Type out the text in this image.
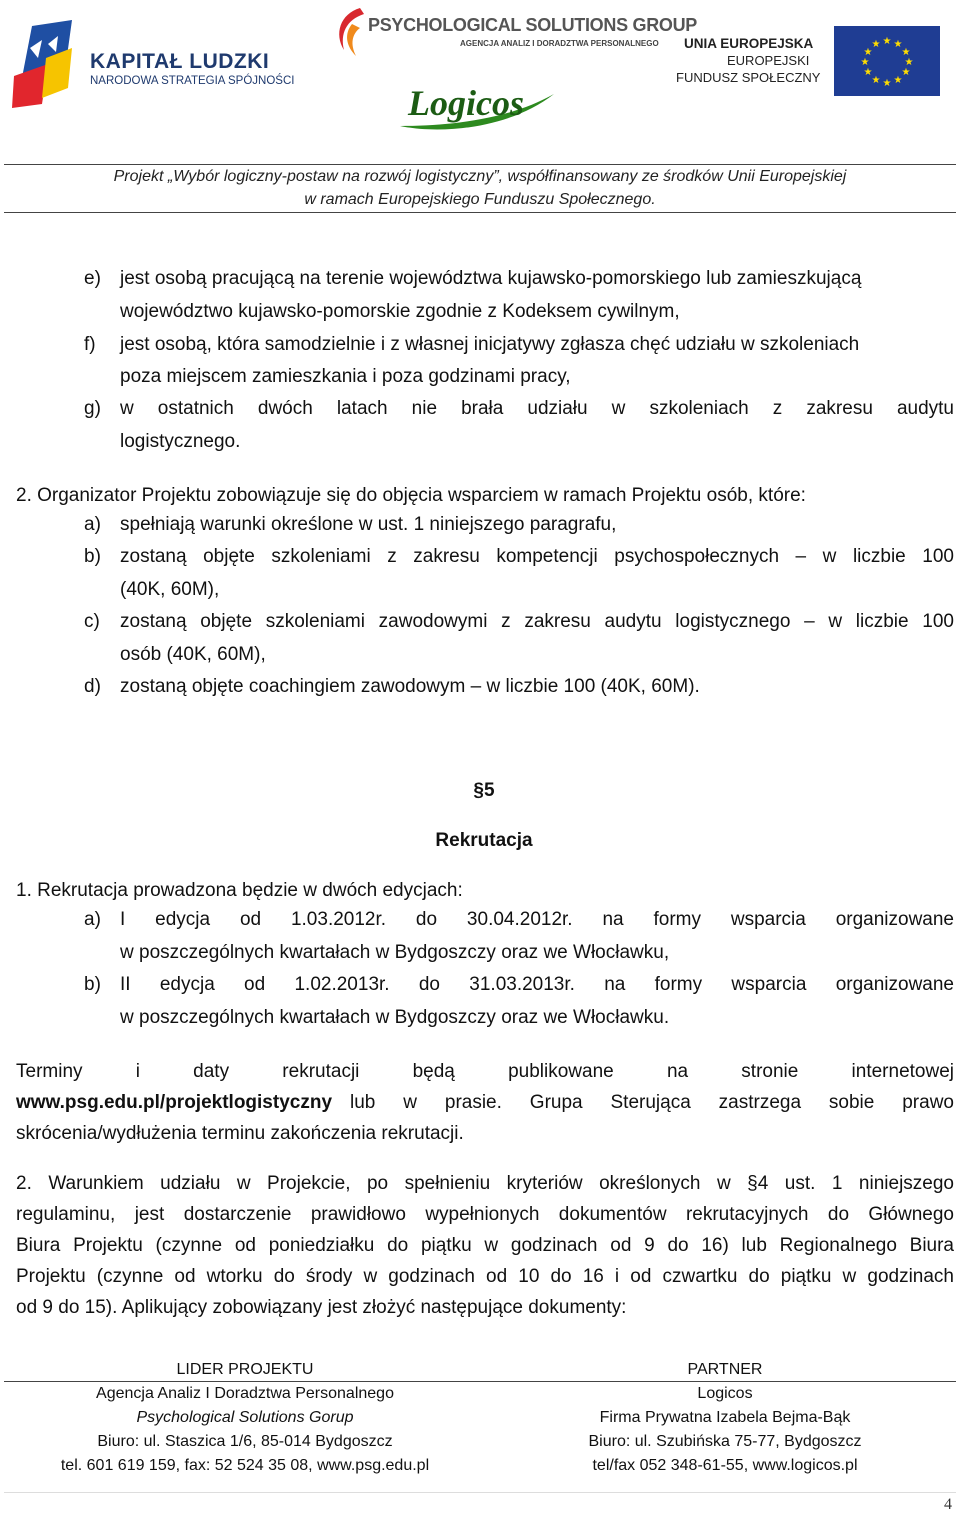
KAPITAŁ LUDZKI
NARODOWA STRATEGIA SPÓJNOŚCI
PSYCHOLOGICAL SOLUTIONS GROUP
AGENCJA ANALIZ I DORADZTWA PERSONALNEGO
Logicos
UNIA EUROPEJSKA
EUROPEJSKI
FUNDUSZ SPOŁECZNY
★ ★
★
★
★
★
★
★
★
★
★
★
Projekt „Wybór logiczny-postaw na rozwój logistyczny”, współfinansowany ze środków Unii Europejskiej
w ramach Europejskiego Funduszu Społecznego.
e) jest osobą pracującą na terenie województwa kujawsko-pomorskiego lub zamieszkującą
województwo kujawsko-pomorskie zgodnie z Kodeksem cywilnym,
f) jest osobą, która samodzielnie i z własnej inicjatywy zgłasza chęć udziału w szkoleniach
poza miejscem zamieszkania i poza godzinami pracy,
g) w ostatnich dwóch latach nie brała udziału w szkoleniach z zakresu audytu
logistycznego.
2. Organizator Projektu zobowiązuje się do objęcia wsparciem w ramach Projektu osób, które:
a) spełniają warunki określone w ust. 1 niniejszego paragrafu,
b) zostaną objęte szkoleniami z zakresu kompetencji psychospołecznych – w liczbie 100
(40K, 60M),
c) zostaną objęte szkoleniami zawodowymi z zakresu audytu logistycznego – w liczbie 100
osób (40K, 60M),
d) zostaną objęte coachingiem zawodowym – w liczbie 100 (40K, 60M).
§5
Rekrutacja
1. Rekrutacja prowadzona będzie w dwóch edycjach:
a) I edycja od 1.03.2012r. do 30.04.2012r. na formy wsparcia organizowane
w poszczególnych kwartałach w Bydgoszczy oraz we Włocławku,
b) II edycja od 1.02.2013r. do 31.03.2013r. na formy wsparcia organizowane
w poszczególnych kwartałach w Bydgoszczy oraz we Włocławku.
Terminy i daty rekrutacji będą publikowane na stronie internetowej
www.psg.edu.pl/projektlogistyczny lub w prasie. Grupa Sterująca zastrzega sobie prawo
skrócenia/wydłużenia terminu zakończenia rekrutacji.
2. Warunkiem udziału w Projekcie, po spełnieniu kryteriów określonych w §4 ust. 1 niniejszego
regulaminu, jest dostarczenie prawidłowo wypełnionych dokumentów rekrutacyjnych do Głównego
Biura Projektu (czynne od poniedziałku do piątku w godzinach od 9 do 16) lub Regionalnego Biura
Projektu (czynne od wtorku do środy w godzinach od 10 do 16 i od czwartku do piątku w godzinach
od 9 do 15). Aplikujący zobowiązany jest złożyć następujące dokumenty:
LIDER PROJEKTU	PARTNER
Agencja Analiz I Doradztwa Personalnego
Psychological Solutions Gorup
Biuro: ul. Staszica 1/6, 85-014 Bydgoszcz
tel. 601 619 159, fax: 52 524 35 08, www.psg.edu.pl
Logicos
Firma Prywatna Izabela Bejma-Bąk
Biuro: ul. Szubińska 75-77, Bydgoszcz
tel/fax 052 348-61-55, www.logicos.pl
4
